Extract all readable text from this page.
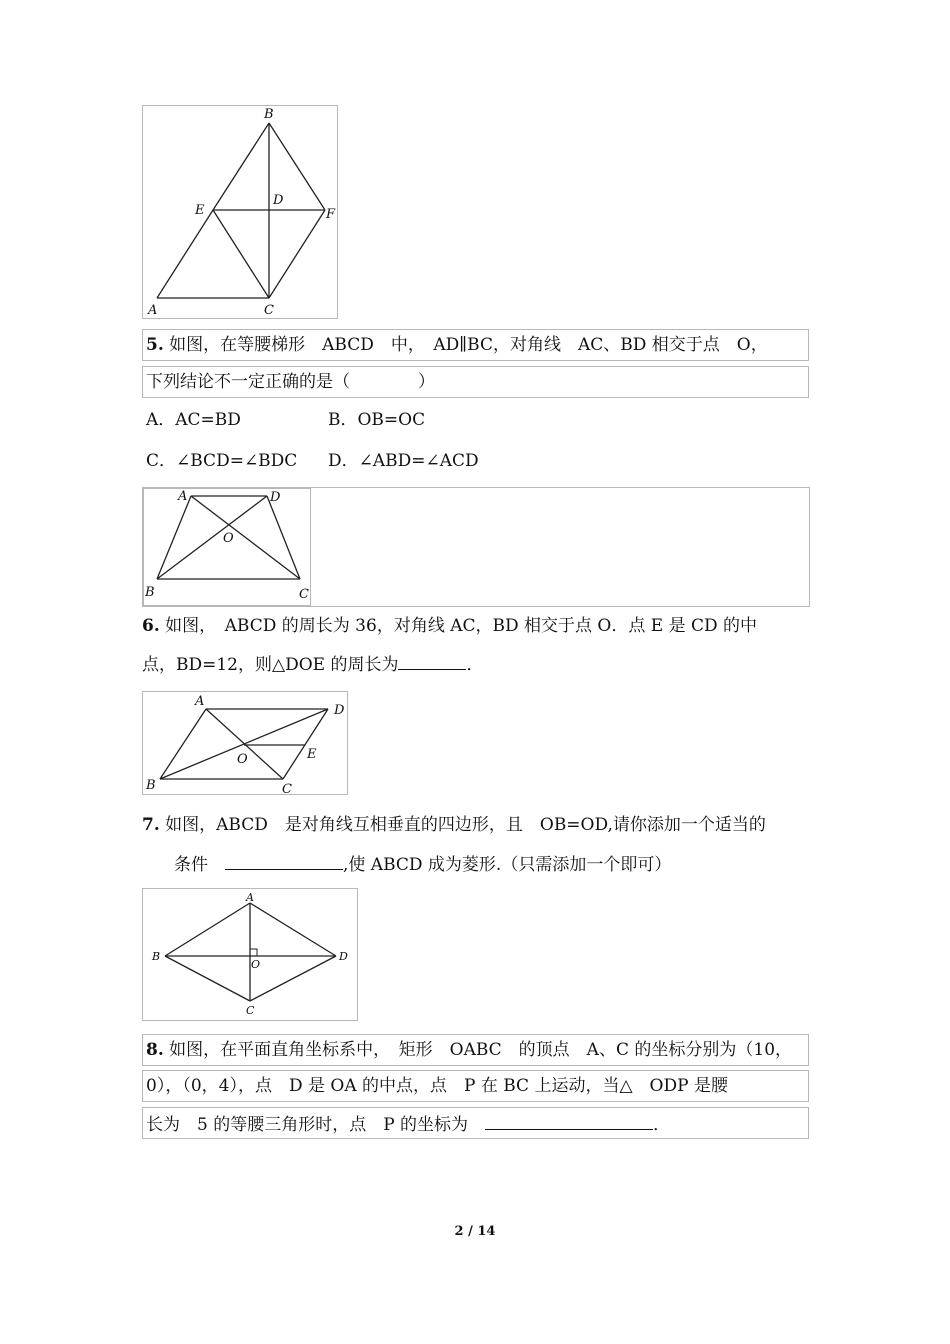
B
D
E	F
A	C
5. 如图，在等腰梯形　ABCD　中，　AD∥BC，对角线　AC、BD 相交于点　O，
下列结论不一定正确的是（　　　　）
A．AC=BD	B．OB=OC
C．∠BCD=∠BDC D．∠ABD=∠ACD
A	D
O
B	C
6. 如图，　ABCD 的周长为 36，对角线 AC，BD 相交于点 O．点 E 是 CD 的中
点，BD=12，则△DOE 的周长为	．
A
D
O	E
B	C
7. 如图，ABCD　是对角线互相垂直的四边形，且　OB=OD,请你添加一个适当的
条件　	,使 ABCD 成为菱形.（只需添加一个即可）
A
B
O
D
C
8. 如图，在平面直角坐标系中，　矩形　OABC　的顶点　A、C 的坐标分别为（10，
0），（0，4），点　D 是 OA 的中点，点　P 在 BC 上运动，当△　ODP 是腰
长为　5 的等腰三角形时，点　P 的坐标为　	．
2 / 14
